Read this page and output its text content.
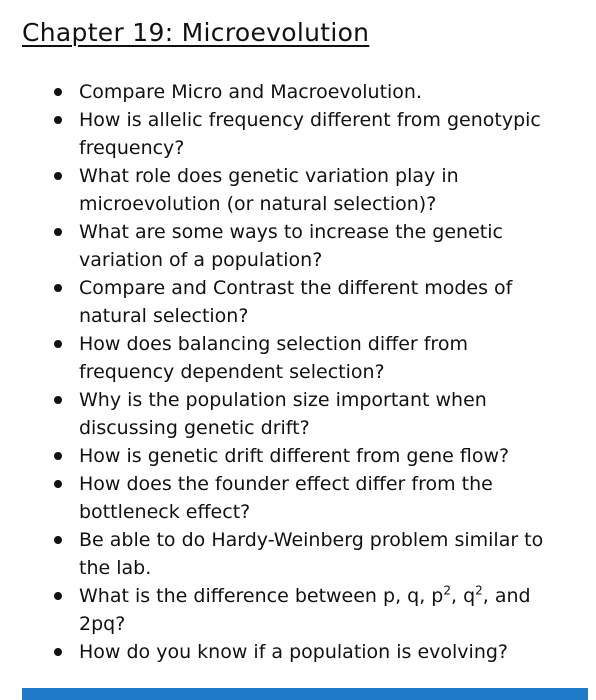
Chapter 19: Microevolution
Compare Micro and Macroevolution.
How is allelic frequency different from genotypic frequency?
What role does genetic variation play in microevolution (or natural selection)?
What are some ways to increase the genetic variation of a population?
Compare and Contrast the different modes of natural selection?
How does balancing selection differ from frequency dependent selection?
Why is the population size important when discussing genetic drift?
How is genetic drift different from gene flow?
How does the founder effect differ from the bottleneck effect?
Be able to do Hardy-Weinberg problem similar to the lab.
What is the difference between p, q, $p^2$, $q^2$, and 2pq?
How do you know if a population is evolving?
